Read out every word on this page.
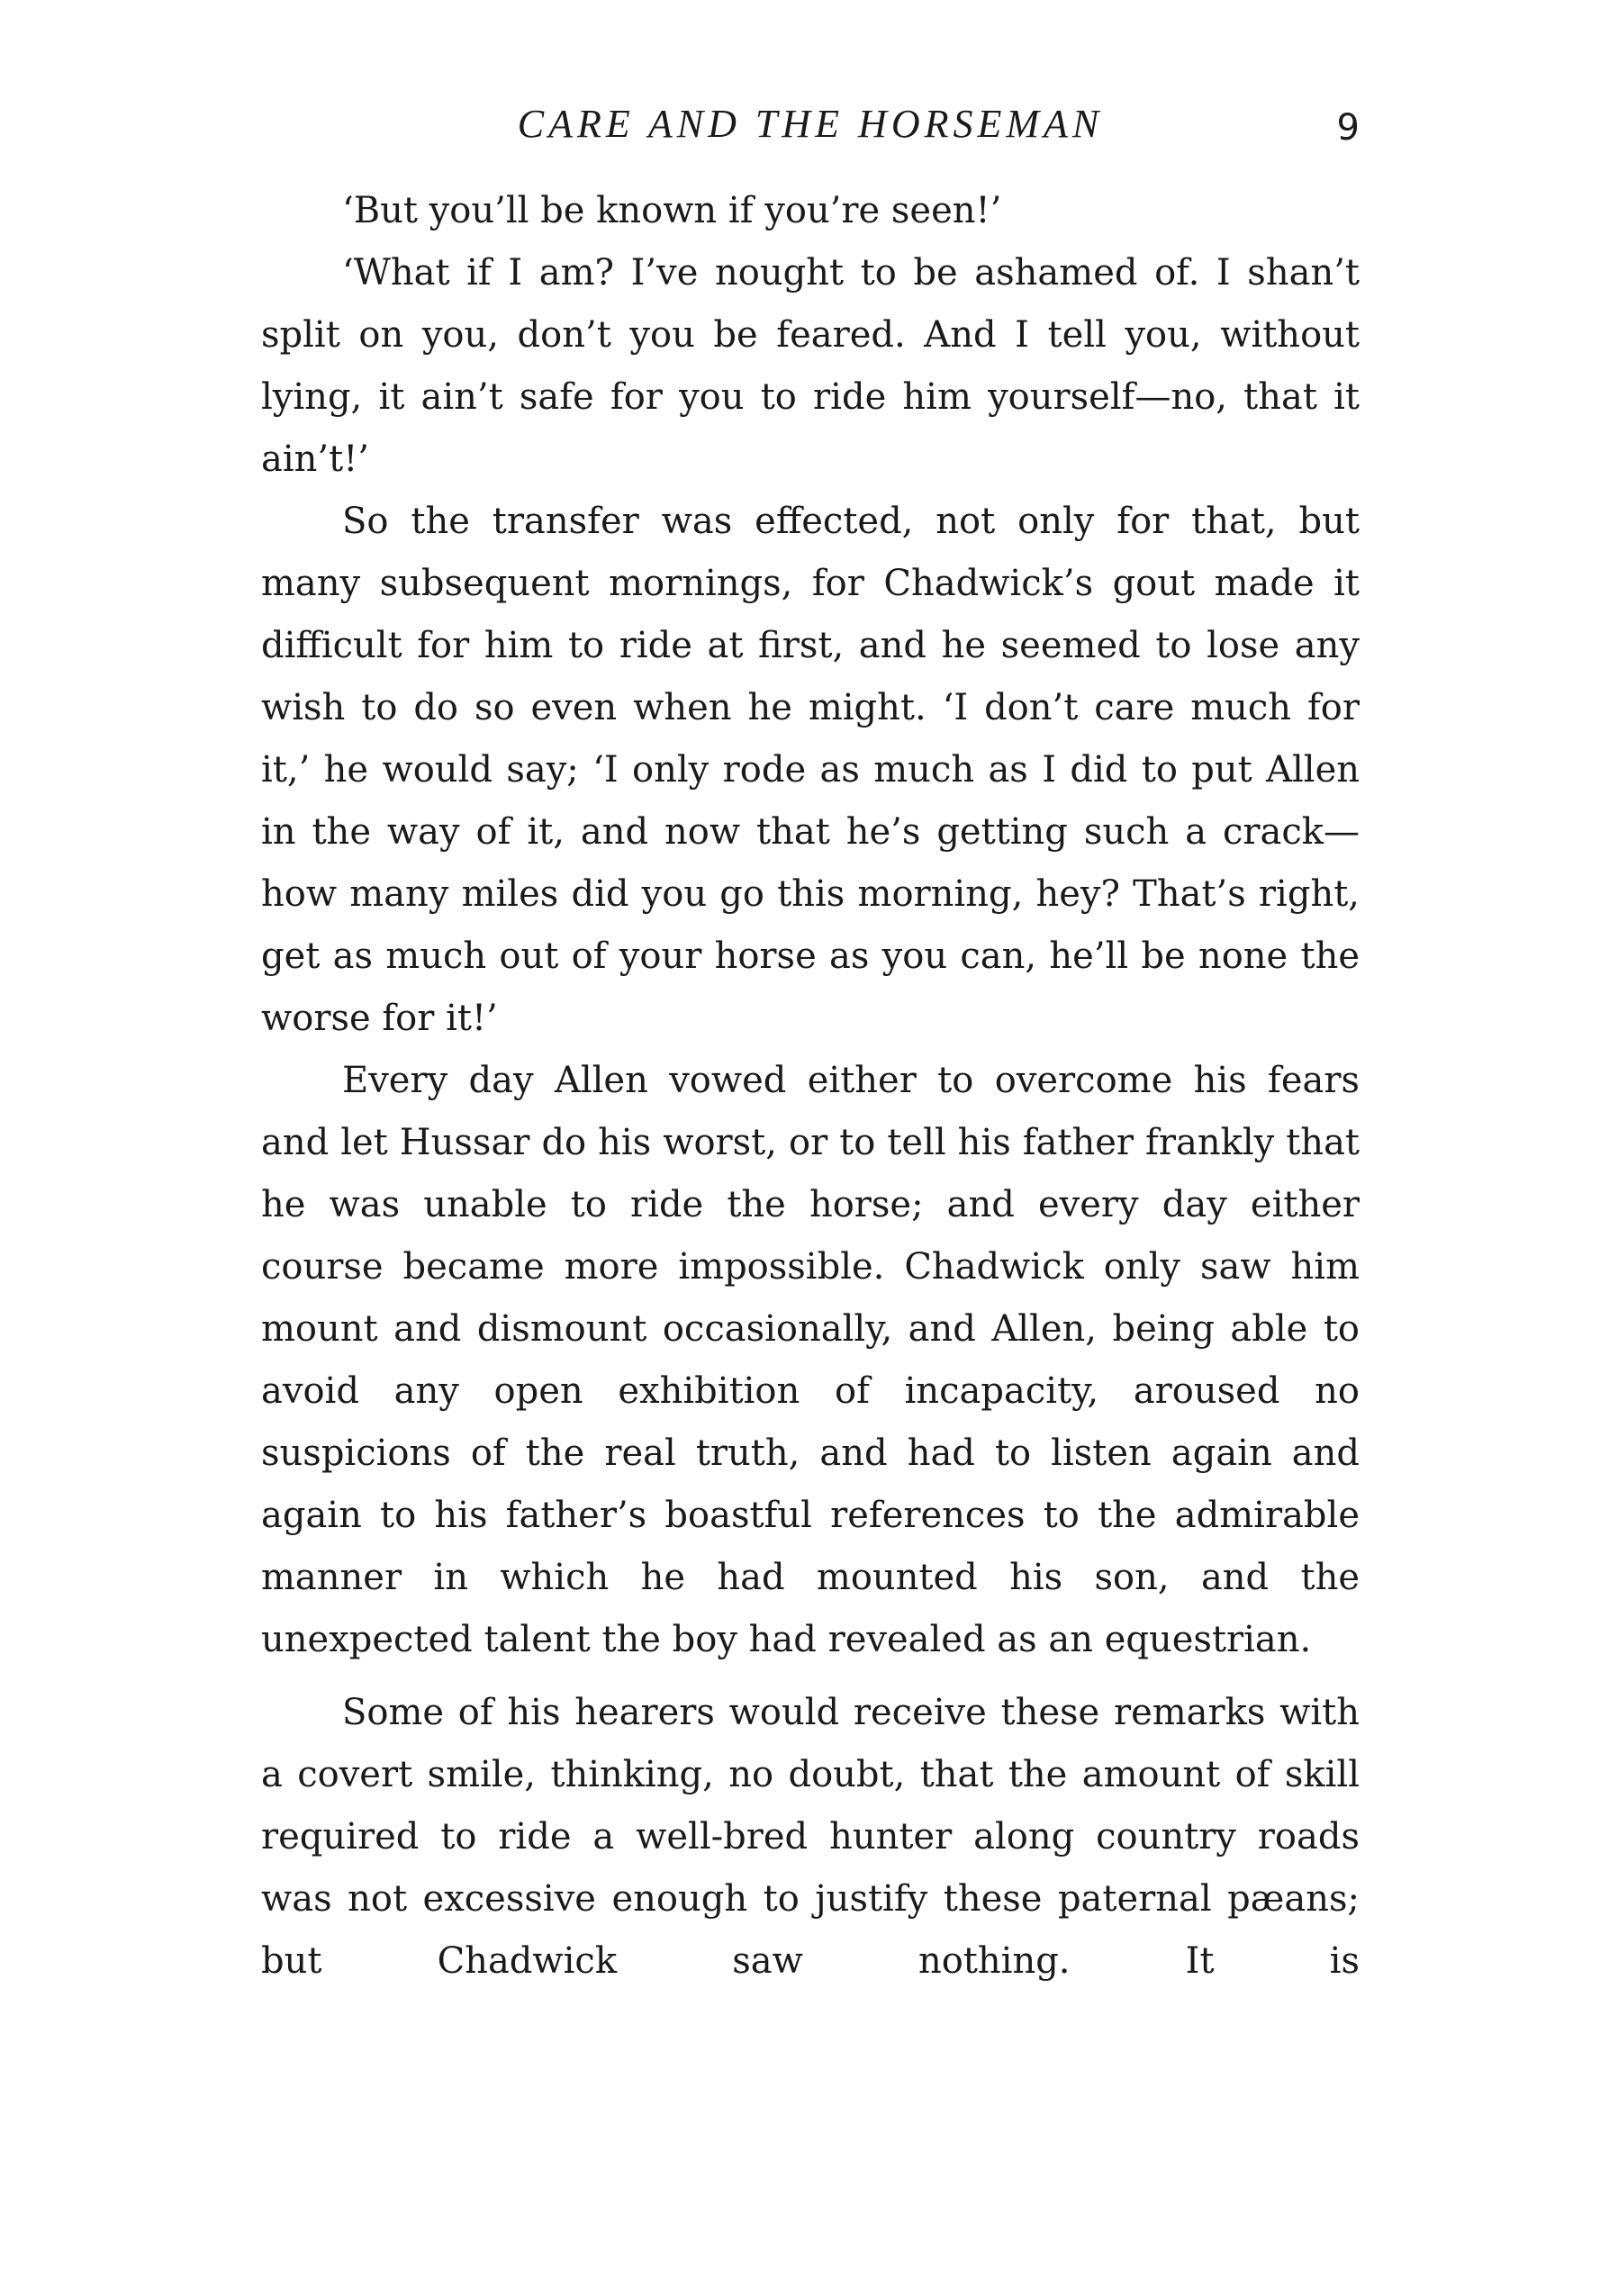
CARE AND THE HORSEMAN	9

‘But you’ll be known if you’re seen!’

‘What if I am? I’ve nought to be ashamed of. I shan’t split on you, don’t you be feared. And I tell you, without lying, it ain’t safe for you to ride him yourself—no, that it ain’t!’

So the transfer was effected, not only for that, but many subsequent mornings, for Chadwick’s gout made it difficult for him to ride at first, and he seemed to lose any wish to do so even when he might. ‘I don’t care much for it,’ he would say; ‘I only rode as much as I did to put Allen in the way of it, and now that he’s getting such a crack—how many miles did you go this morning, hey? That’s right, get as much out of your horse as you can, he’ll be none the worse for it!’

Every day Allen vowed either to overcome his fears and let Hussar do his worst, or to tell his father frankly that he was unable to ride the horse; and every day either course became more impossible. Chadwick only saw him mount and dismount occasionally, and Allen, being able to avoid any open exhibition of incapacity, aroused no suspicions of the real truth, and had to listen again and again to his father’s boastful references to the admirable manner in which he had mounted his son, and the unexpected talent the boy had revealed as an equestrian.

Some of his hearers would receive these remarks with a covert smile, thinking, no doubt, that the amount of skill required to ride a well-bred hunter along country roads was not excessive enough to justify these paternal pæans; but Chadwick saw nothing. It is
